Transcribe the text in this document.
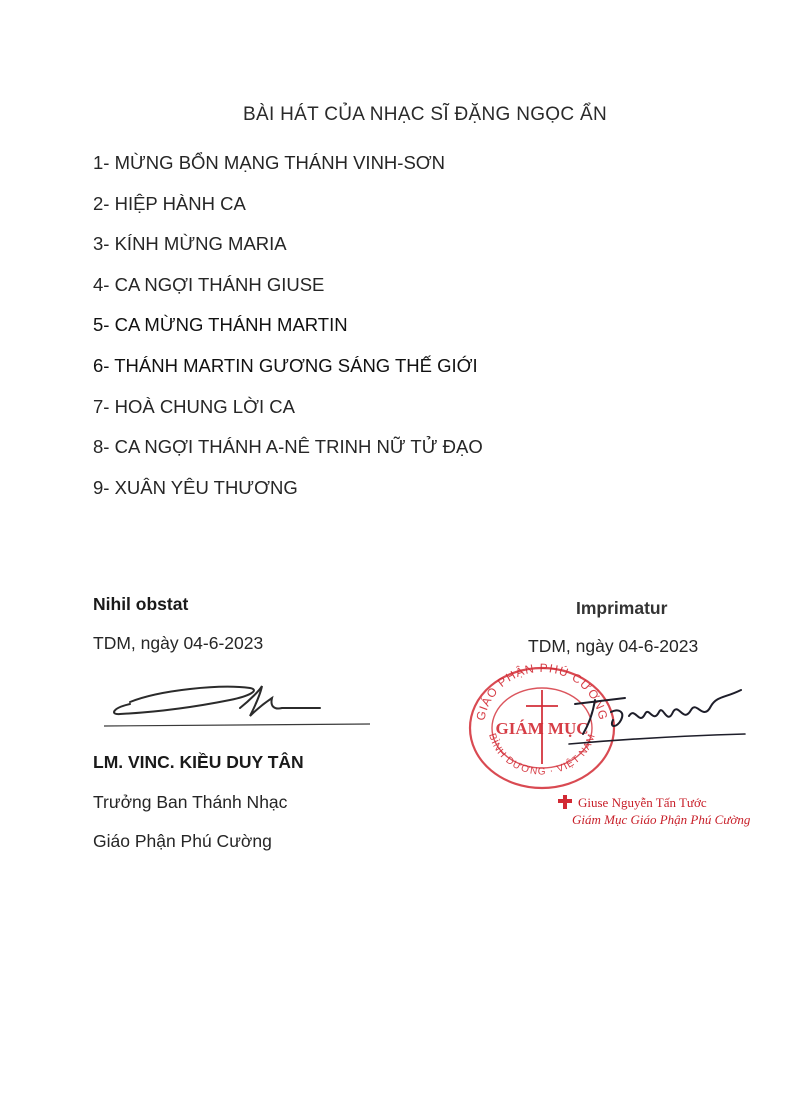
BÀI HÁT CỦA NHẠC SĨ ĐẶNG NGỌC ẨN
1- MỪNG BỔN MẠNG THÁNH VINH-SƠN
2- HIỆP HÀNH CA
3- KÍNH MỪNG MARIA
4- CA NGỢI THÁNH GIUSE
5- CA MỪNG THÁNH MARTIN
6- THÁNH MARTIN GƯƠNG SÁNG THẾ GIỚI
7- HOÀ CHUNG LỜI CA
8- CA NGỢI THÁNH A-NÊ TRINH NỮ TỬ ĐẠO
9- XUÂN YÊU THƯƠNG
Nihil obstat
TDM, ngày 04-6-2023
LM. VINC. KIỀU DUY TÂN
Trưởng Ban Thánh Nhạc
Giáo Phận Phú Cường
Imprimatur
TDM, ngày 04-6-2023
GIÁO PHẬN PHÚ CƯỜNG
BÌNH DƯƠNG · VIỆT NAM
GIÁM MỤC
Giuse Nguyễn Tấn Tước
Giám Mục Giáo Phận Phú Cường
